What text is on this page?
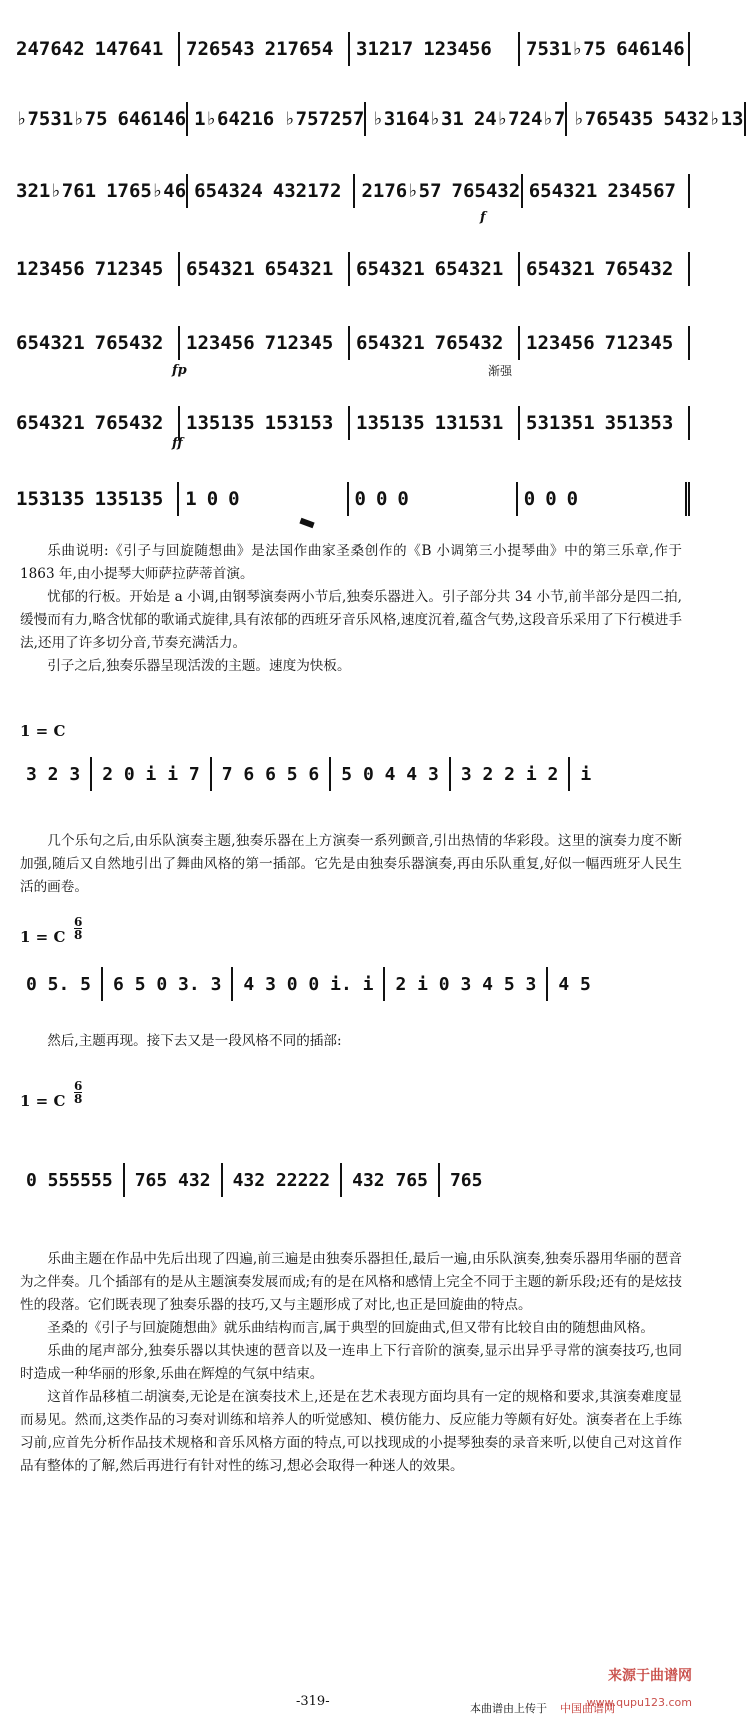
247642 147641 726543 217654 31217 123456 7531♭75 646146
♭7531♭75 646146 1♭64216 ♭757257 ♭3164♭31 24♭724♭7 ♭765435 5432♭13
321♭761 1765♭46 654324 432172 2176♭57 765432 654321 234567
123456 712345 654321 654321 654321 654321 654321 765432
654321 765432 123456 712345 654321 765432 123456 712345
654321 765432 135135 153153 135135 131531 531351 351353
153135 135135 1 0 0	0 0 0	0 0 0
f
fp	渐强
ff

乐曲说明:《引子与回旋随想曲》是法国作曲家圣桑创作的《B 小调第三小提琴曲》中的第三乐章,作于 1863 年,由小提琴大师萨拉萨蒂首演。

忧郁的行板。开始是 a 小调,由钢琴演奏两小节后,独奏乐器进入。引子部分共 34 小节,前半部分是四二拍,缓慢而有力,略含忧郁的歌诵式旋律,具有浓郁的西班牙音乐风格,速度沉着,蕴含气势,这段音乐采用了下行模进手法,还用了许多切分音,节奏充满活力。

引子之后,独奏乐器呈现活泼的主题。速度为快板。

1 = C
3 2 3 2 0 i i 7 7 6 6 5 6 5 0 4 4 3 3 2 2 i 2 i

几个乐句之后,由乐队演奏主题,独奏乐器在上方演奏一系列颤音,引出热情的华彩段。这里的演奏力度不断加强,随后又自然地引出了舞曲风格的第一插部。它先是由独奏乐器演奏,再由乐队重复,好似一幅西班牙人民生活的画卷。

1 = C
6
8
0 5. 5 6 5 0 3. 3 4 3 0 0 i. i 2 i 0 3 4 5 3 4 5

然后,主题再现。接下去又是一段风格不同的插部:

1 = C
6
8
0 555555 765 432 432 22222 432 765 765

乐曲主题在作品中先后出现了四遍,前三遍是由独奏乐器担任,最后一遍,由乐队演奏,独奏乐器用华丽的琶音为之伴奏。几个插部有的是从主题演奏发展而成;有的是在风格和感情上完全不同于主题的新乐段;还有的是炫技性的段落。它们既表现了独奏乐器的技巧,又与主题形成了对比,也正是回旋曲的特点。

圣桑的《引子与回旋随想曲》就乐曲结构而言,属于典型的回旋曲式,但又带有比较自由的随想曲风格。

乐曲的尾声部分,独奏乐器以其快速的琶音以及一连串上下行音阶的演奏,显示出异乎寻常的演奏技巧,也同时造成一种华丽的形象,乐曲在辉煌的气氛中结束。

这首作品移植二胡演奏,无论是在演奏技术上,还是在艺术表现方面均具有一定的规格和要求,其演奏难度显而易见。然而,这类作品的习奏对训练和培养人的听觉感知、模仿能力、反应能力等颇有好处。演奏者在上手练习前,应首先分析作品技术规格和音乐风格方面的特点,可以找现成的小提琴独奏的录音来听,以使自己对这首作品有整体的了解,然后再进行有针对性的练习,想必会取得一种迷人的效果。

-319-	本曲谱由上传于 中国曲谱网
来源于曲谱网
www.qupu123.com
